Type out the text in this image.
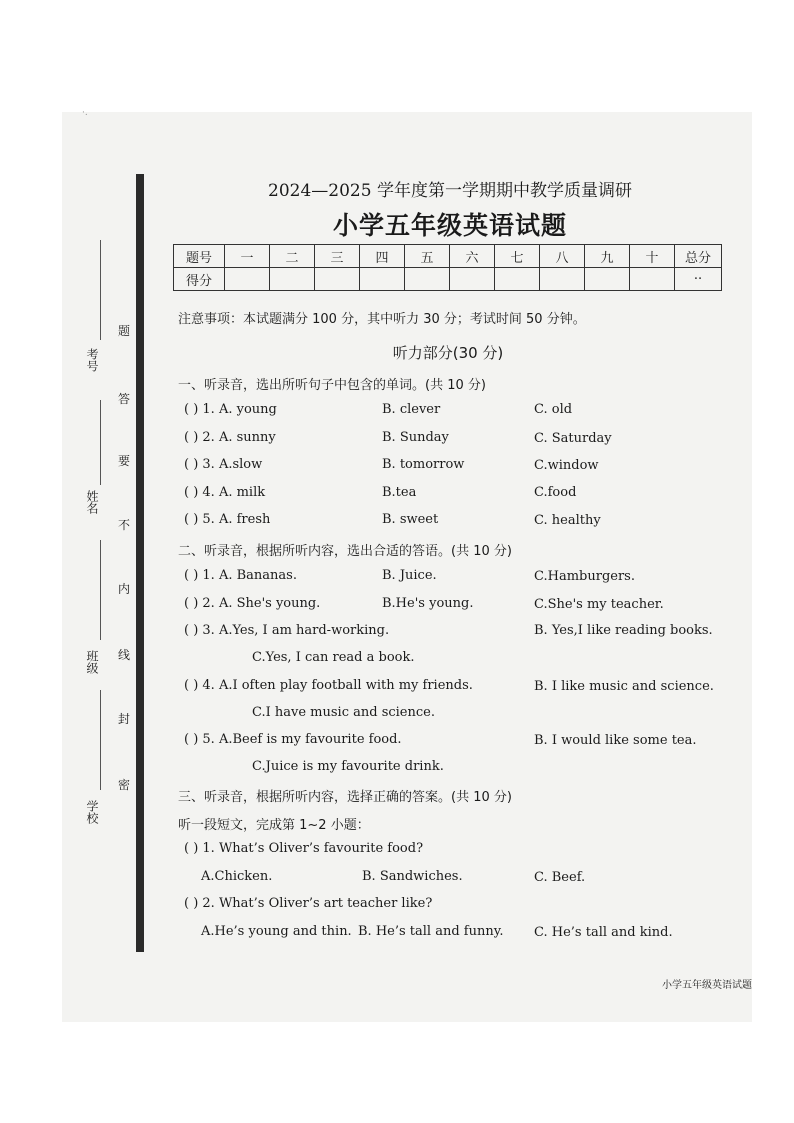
·.
考号
姓名
班级
学校
题
答
要
不
内
线
封
密
2024—2025 学年度第一学期期中教学质量调研
小学五年级英语试题
题号	一	二	三	四	五	六	七	八	九	十	总分
得分											··
注意事项：本试题满分 100 分，其中听力 30 分；考试时间 50 分钟。
听力部分(30 分)
一、听录音，选出所听句子中包含的单词。(共 10 分)
( ) 1. A. young	B. clever	C. old
( ) 2. A. sunny	B. Sunday	C. Saturday
( ) 3. A.slow	B. tomorrow	C.window
( ) 4. A. milk	B.tea	C.food
( ) 5. A. fresh	B. sweet	C. healthy
二、听录音，根据所听内容，选出合适的答语。(共 10 分)
( ) 1. A. Bananas.	B. Juice.	C.Hamburgers.
( ) 2. A. She's young.	B.He's young.	C.She's my teacher.
( ) 3. A.Yes, I am hard-working.	B. Yes,I like reading books.
C.Yes, I can read a book.
( ) 4. A.I often play football with my friends.	B. I like music and science.
C.I have music and science.
( ) 5. A.Beef is my favourite food.	B. I would like some tea.
C.Juice is my favourite drink.
三、听录音，根据所听内容，选择正确的答案。(共 10 分)
听一段短文，完成第 1~2 小题：
( ) 1. What’s Oliver’s favourite food?
A.Chicken.	B. Sandwiches.	C. Beef.
( ) 2. What’s Oliver’s art teacher like?
A.He’s young and thin. B. He’s tall and funny. C. He’s tall and kind.
小学五年级英语试题
